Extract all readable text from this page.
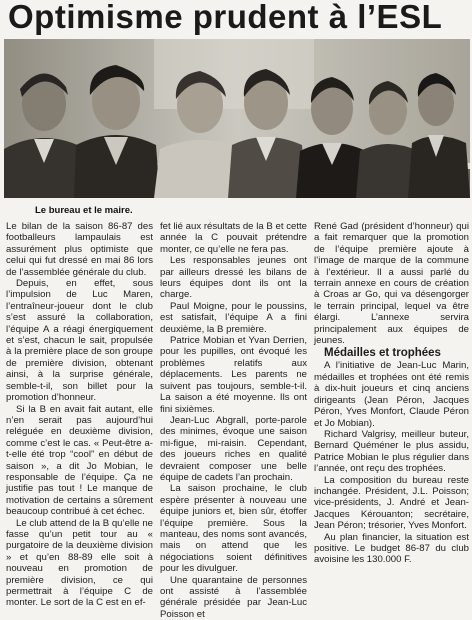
Optimisme prudent à l’ESL
Le bureau et le maire.

Le bilan de la saison 86-87 des footballeurs lampaulais est assurément plus optimiste que celui qui fut dressé en mai 86 lors de l’assemblée générale du club.

Depuis, en effet, sous l’impulsion de Luc Maren, l’entraîneur-joueur dont le club s’est assuré la collaboration, l’équipe A a réagi énergiquement et s’est, chacun le sait, propulsée à la première place de son groupe de première division, obtenant ainsi, à la surprise générale, semble-t-il, son billet pour la promotion d’honneur.

Si la B en avait fait autant, elle n’en serait pas aujourd’hui reléguée en deuxième division, comme c’est le cas. « Peut-être a-t-elle été trop “cool” en début de saison », a dit Jo Mobian, le responsable de l’équipe. Ça ne justifie pas tout ! Le manque de motivation de certains a sûrement beaucoup contribué à cet échec.

Le club attend de la B qu’elle ne fasse qu’un petit tour au « purgatoire de la deuxième division » et qu’en 88-89 elle soit à nouveau en promotion de première division, ce qui permettrait à l’équipe C de monter. Le sort de la C est en ef-

fet lié aux résultats de la B et cette année la C pouvait prétendre monter, ce qu’elle ne fera pas.

Les responsables jeunes ont par ailleurs dressé les bilans de leurs équipes dont ils ont la charge.

Paul Moigne, pour le poussins, est satisfait, l’équipe A a fini deuxième, la B première.

Patrice Mobian et Yvan Derrien, pour les pupilles, ont évoqué les problèmes relatifs aux déplacements. Les parents ne suivent pas toujours, semble-t-il. La saison a été moyenne. Ils ont fini sixièmes.

Jean-Luc Abgrall, porte-parole des minimes, évoque une saison mi-figue, mi-raisin. Cependant, des joueurs riches en qualité devraient composer une belle équipe de cadets l’an prochain.

La saison prochaine, le club espère présenter à nouveau une équipe juniors et, bien sûr, étoffer l’équipe première. Sous la manteau, des noms sont avancés, mais on attend que les négociations soient définitives pour les divulguer.

Une quarantaine de personnes ont assisté à l’assemblée générale présidée par Jean-Luc Poisson et

René Gad (président d’honneur) qui a fait remarquer que la promotion de l’équipe première ajoute à l’image de marque de la commune à l’extérieur. Il a aussi parlé du terrain annexe en cours de création à Croas ar Go, qui va désengorger le terrain principal, lequel va être élargi. L’annexe servira principalement aux équipes de jeunes.

Médailles et trophées

A l’initiative de Jean-Luc Marin, médailles et trophées ont été remis à dix-huit joueurs et cinq anciens dirigeants (Jean Péron, Jacques Péron, Yves Monfort, Claude Péron et Jo Mobian).

Richard Valgrisy, meilleur buteur, Bernard Quéméner le plus assidu, Patrice Mobian le plus régulier dans l’année, ont reçu des trophées.

La composition du bureau reste inchangée. Président, J.L. Poisson; vice-présidents, J. André et Jean-Jacques Kérouanton; secrétaire, Jean Péron; trésorier, Yves Monfort.

Au plan financier, la situation est positive. Le budget 86-87 du club avoisine les 130.000 F.
